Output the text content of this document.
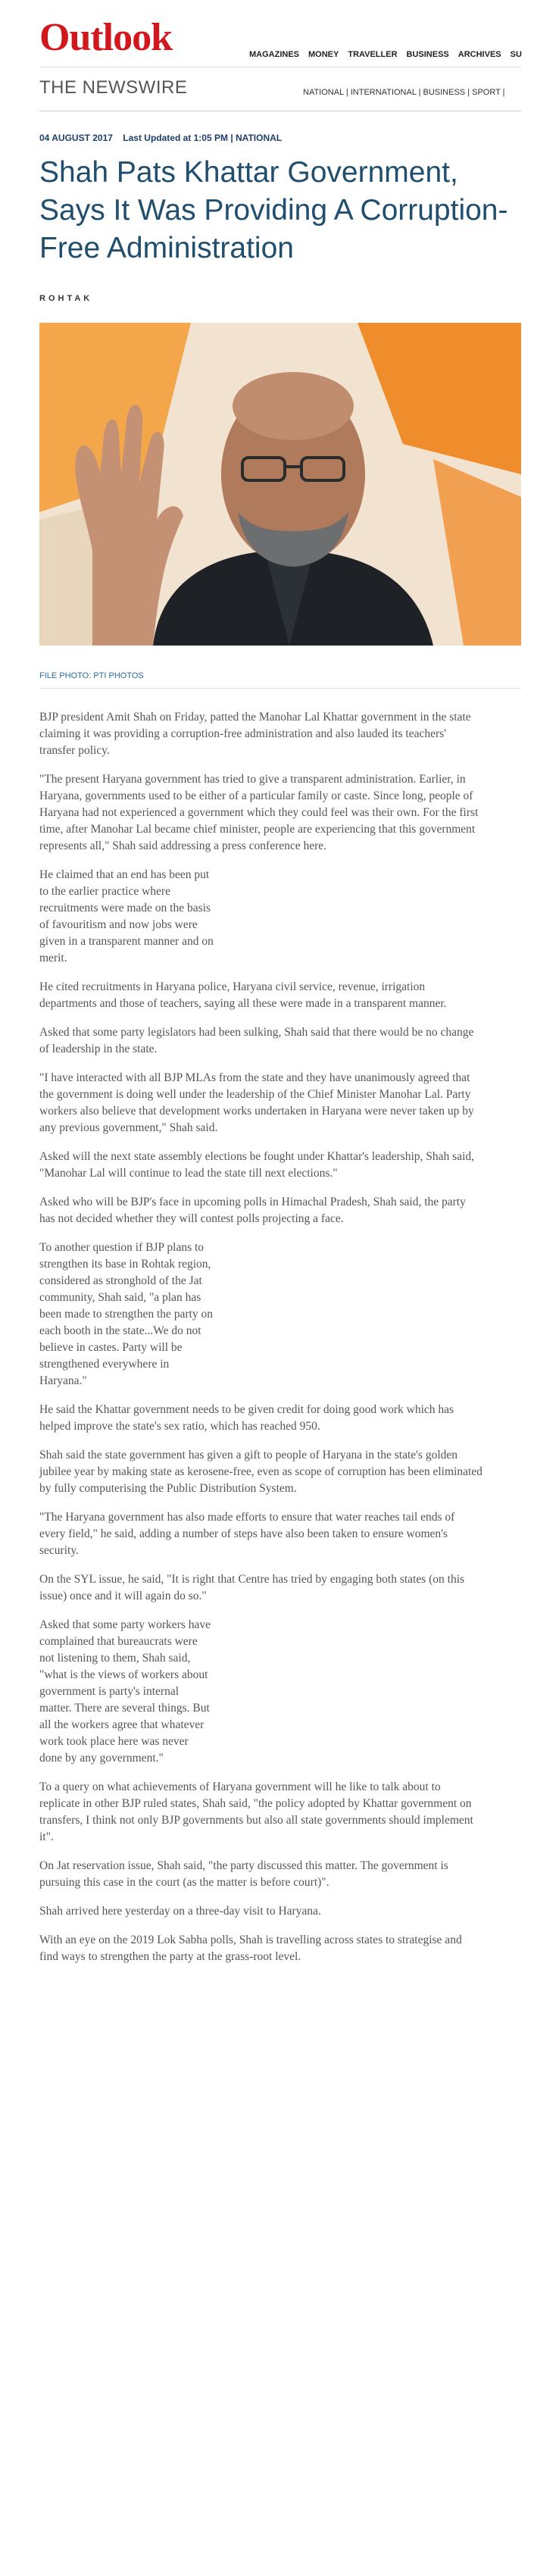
Outlook	MAGAZINES MONEY TRAVELLER BUSINESS ARCHIVES SU
THE NEWSWIRE	NATIONAL | INTERNATIONAL | BUSINESS | SPORT |
04 AUGUST 2017 Last Updated at 1:05 PM | NATIONAL
Shah Pats Khattar Government, Says It Was Providing A Corruption-Free Administration
ROHTAK
FILE PHOTO: PTI PHOTOS

BJP president Amit Shah on Friday, patted the Manohar Lal Khattar government in the state claiming it was providing a corruption-free administration and also lauded its teachers' transfer policy.

"The present Haryana government has tried to give a transparent administration. Earlier, in Haryana, governments used to be either of a particular family or caste. Since long, people of Haryana had not experienced a government which they could feel was their own. For the first time, after Manohar Lal became chief minister, people are experiencing that this government represents all," Shah said addressing a press conference here.

He claimed that an end has been put to the earlier practice where recruitments were made on the basis of favouritism and now jobs were given in a transparent manner and on merit.

He cited recruitments in Haryana police, Haryana civil service, revenue, irrigation departments and those of teachers, saying all these were made in a transparent manner.

Asked that some party legislators had been sulking, Shah said that there would be no change of leadership in the state.

"I have interacted with all BJP MLAs from the state and they have unanimously agreed that the government is doing well under the leadership of the Chief Minister Manohar Lal. Party workers also believe that development works undertaken in Haryana were never taken up by any previous government," Shah said.

Asked will the next state assembly elections be fought under Khattar's leadership, Shah said, "Manohar Lal will continue to lead the state till next elections."

Asked who will be BJP's face in upcoming polls in Himachal Pradesh, Shah said, the party has not decided whether they will contest polls projecting a face.

To another question if BJP plans to strengthen its base in Rohtak region, considered as stronghold of the Jat community, Shah said, "a plan has been made to strengthen the party on each booth in the state...We do not believe in castes. Party will be strengthened everywhere in Haryana."

He said the Khattar government needs to be given credit for doing good work which has helped improve the state's sex ratio, which has reached 950.

Shah said the state government has given a gift to people of Haryana in the state's golden jubilee year by making state as kerosene-free, even as scope of corruption has been eliminated by fully computerising the Public Distribution System.

"The Haryana government has also made efforts to ensure that water reaches tail ends of every field," he said, adding a number of steps have also been taken to ensure women's security.

On the SYL issue, he said, "It is right that Centre has tried by engaging both states (on this issue) once and it will again do so."

Asked that some party workers have complained that bureaucrats were not listening to them, Shah said, "what is the views of workers about government is party's internal matter. There are several things. But all the workers agree that whatever work took place here was never done by any government."

To a query on what achievements of Haryana government will he like to talk about to replicate in other BJP ruled states, Shah said, "the policy adopted by Khattar government on transfers, I think not only BJP governments but also all state governments should implement it".

On Jat reservation issue, Shah said, "the party discussed this matter. The government is pursuing this case in the court (as the matter is before court)".

Shah arrived here yesterday on a three-day visit to Haryana.

With an eye on the 2019 Lok Sabha polls, Shah is travelling across states to strategise and find ways to strengthen the party at the grass-root level.
